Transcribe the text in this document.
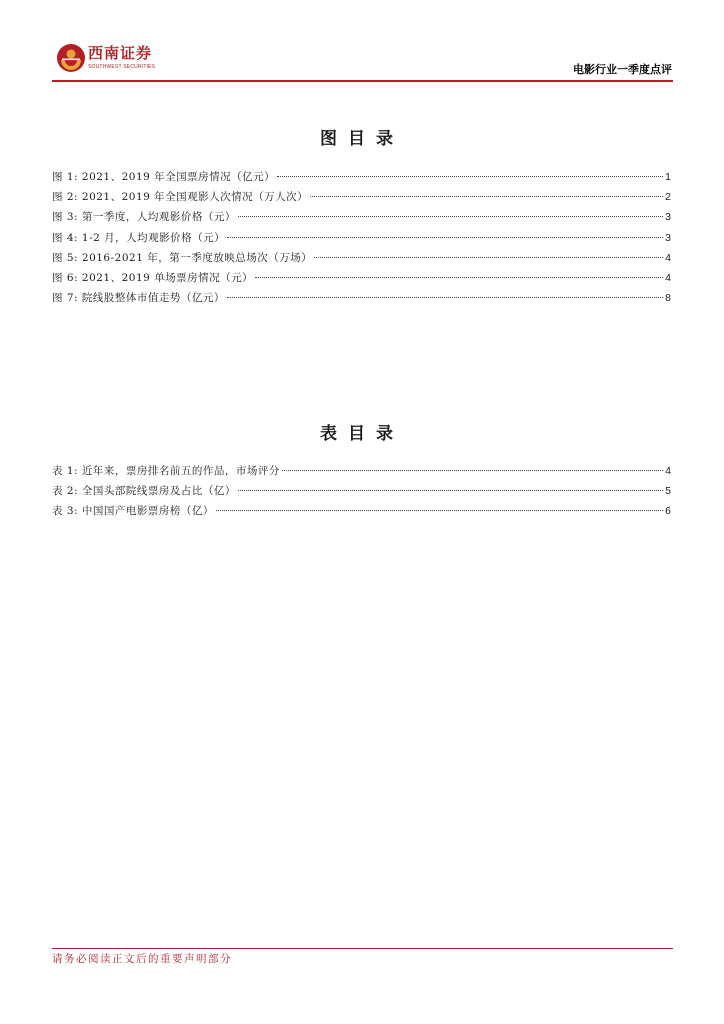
西南证券
SOUTHWEST SECURITIES	电影行业一季度点评
图目录
图 1: 2021、2019 年全国票房情况（亿元）	1
图 2: 2021、2019 年全国观影人次情况（万人次）	2
图 3: 第一季度，人均观影价格（元）	3
图 4: 1-2 月，人均观影价格（元）	3
图 5: 2016-2021 年，第一季度放映总场次（万场）	4
图 6: 2021、2019 单场票房情况（元）	4
图 7: 院线股整体市值走势（亿元）	8
表目录
表 1: 近年来，票房排名前五的作品，市场评分	4
表 2: 全国头部院线票房及占比（亿）	5
表 3: 中国国产电影票房榜（亿）	6
请务必阅读正文后的重要声明部分
